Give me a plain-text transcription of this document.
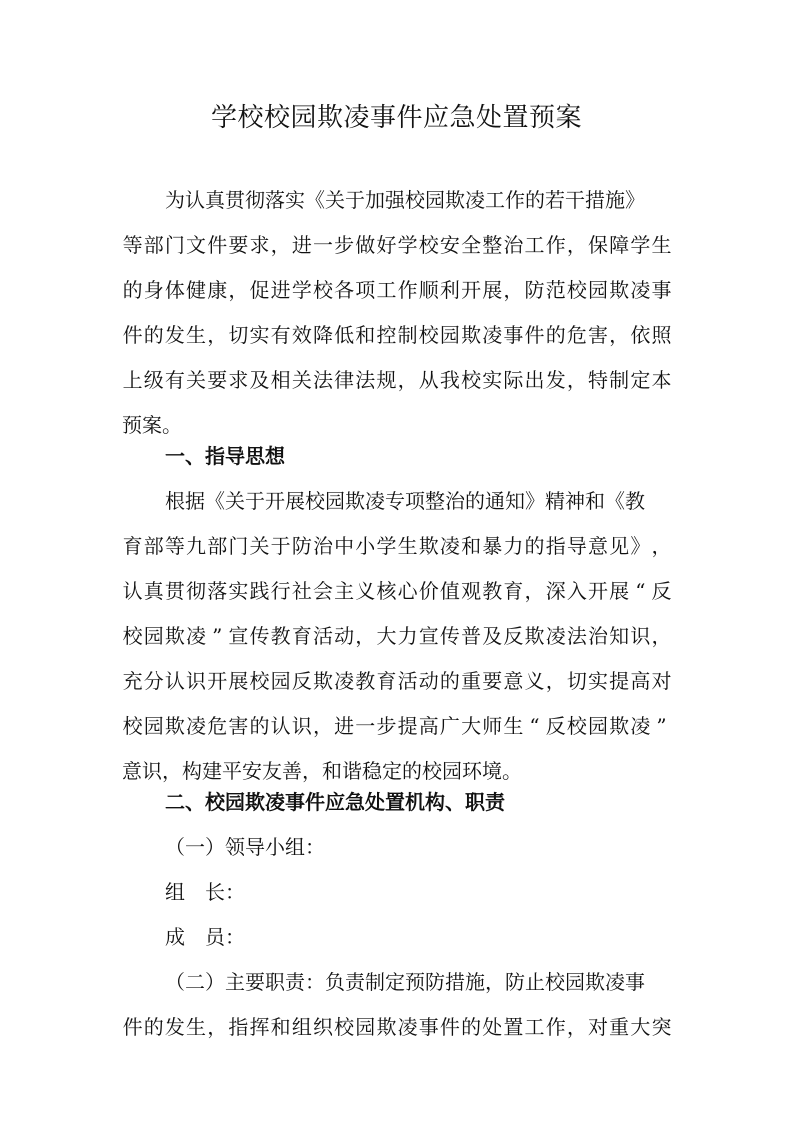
学校校园欺凌事件应急处置预案
为认真贯彻落实《关于加强校园欺凌工作的若干措施》
等 部 门 文 件 要 求 ， 进 一 步 做 好 学 校 安 全 整 治 工 作 ， 保 障 学 生
的 身 体 健 康 ， 促 进 学 校 各 项 工 作 顺 利 开 展 ， 防 范 校 园 欺 凌 事
件 的 发 生 ， 切 实 有 效 降 低 和 控 制 校 园 欺 凌 事 件 的 危 害 ， 依 照
上 级 有 关 要 求 及 相 关 法 律 法 规 ， 从 我 校 实 际 出 发 ， 特 制 定 本
预案。
一、指导思想
根据《关于开展校园欺凌专项整治的通知》精神和《教
育 部 等 九 部 门 关 于 防 治 中 小 学 生 欺 凌 和 暴 力 的 指 导 意 见 》 ，
认 真 贯 彻 落 实 践 行 社 会 主 义 核 心 价 值 观 教 育 ， 深 入 开 展 “ 反
校 园 欺 凌 ” 宣 传 教 育 活 动 ， 大 力 宣 传 普 及 反 欺 凌 法 治 知 识 ，
充 分 认 识 开 展 校 园 反 欺 凌 教 育 活 动 的 重 要 意 义 ， 切 实 提 高 对
校 园 欺 凌 危 害 的 认 识 ， 进 一 步 提 高 广 大 师 生 “ 反 校 园 欺 凌 ”
意识，构建平安友善，和谐稳定的校园环境。
二、校园欺凌事件应急处置机构、职责
（一）领导小组：
组　长：
成　员：
（二）主要职责：负责制定预防措施，防止校园欺凌事
件 的 发 生 ， 指 挥 和 组 织 校 园 欺 凌 事 件 的 处 置 工 作 ， 对 重 大 突
